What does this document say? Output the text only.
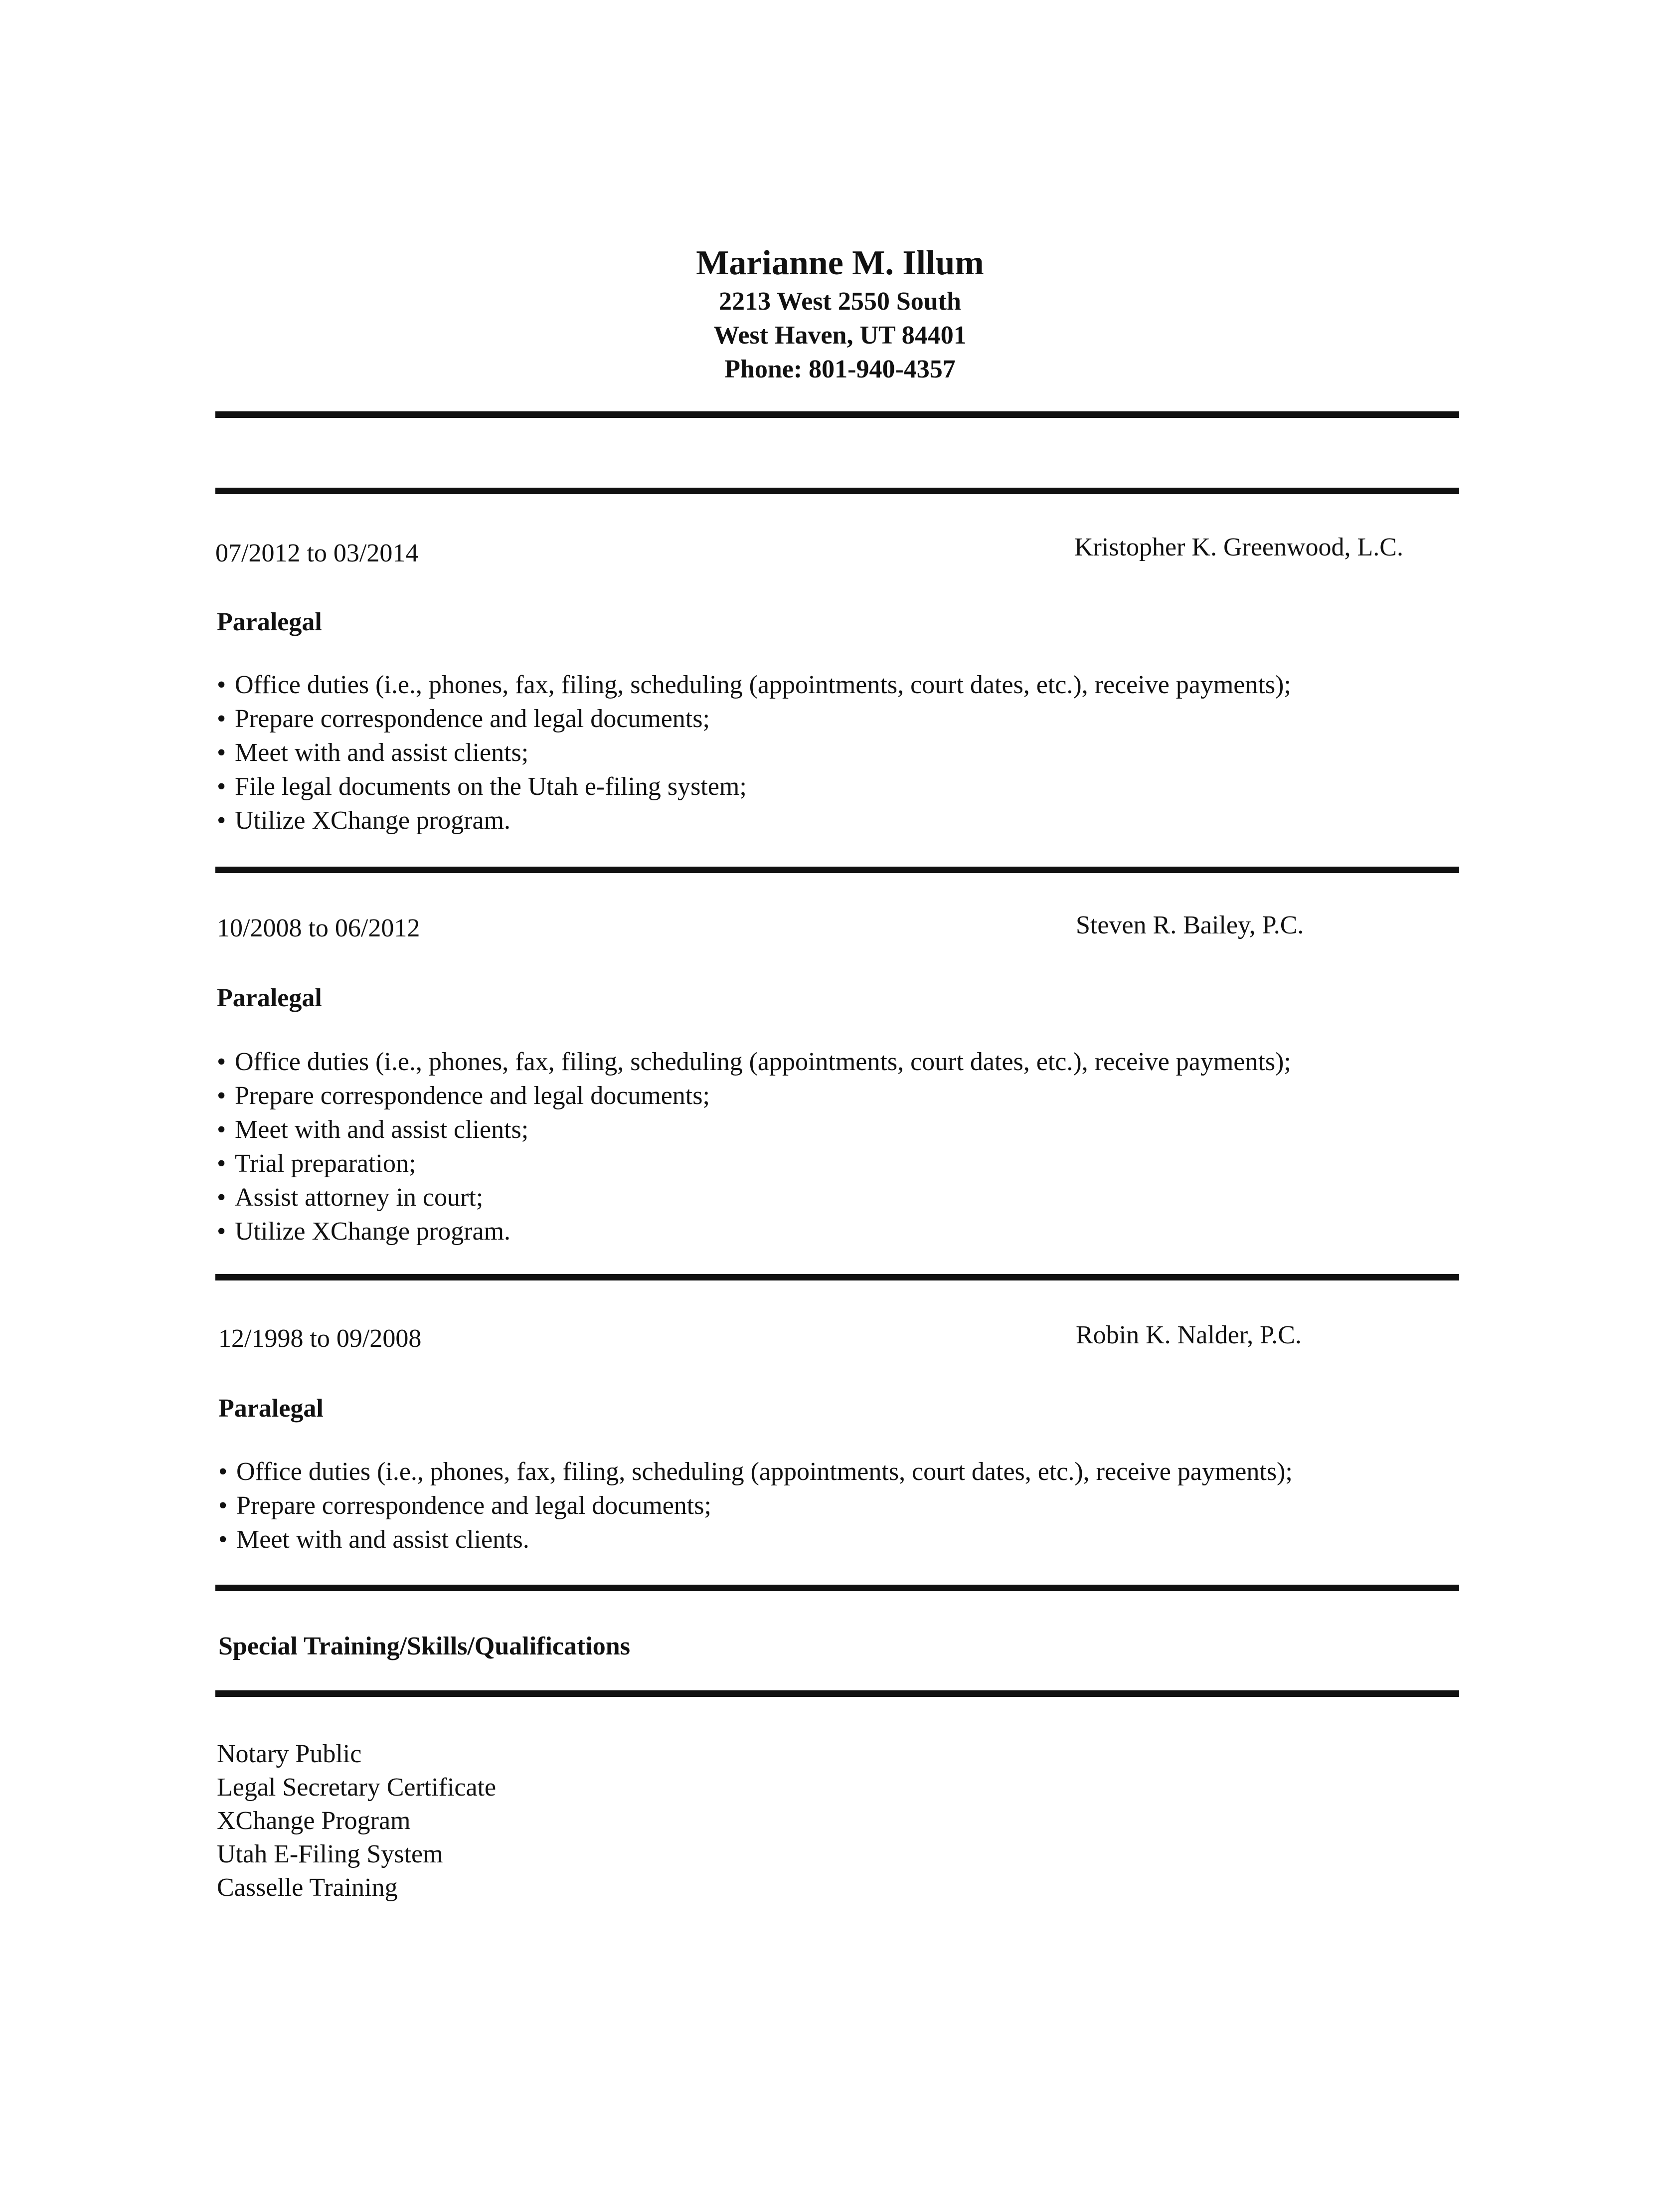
Marianne M. Illum
2213 West 2550 South
West Haven, UT 84401
Phone: 801-940-4357
07/2012 to 03/2014	Kristopher K. Greenwood, L.C.
Paralegal
• Office duties (i.e., phones, fax, filing, scheduling (appointments, court dates, etc.), receive payments);
• Prepare correspondence and legal documents;
• Meet with and assist clients;
• File legal documents on the Utah e-filing system;
• Utilize XChange program.
10/2008 to 06/2012	Steven R. Bailey, P.C.
Paralegal
• Office duties (i.e., phones, fax, filing, scheduling (appointments, court dates, etc.), receive payments);
• Prepare correspondence and legal documents;
• Meet with and assist clients;
• Trial preparation;
• Assist attorney in court;
• Utilize XChange program.
12/1998 to 09/2008	Robin K. Nalder, P.C.
Paralegal
• Office duties (i.e., phones, fax, filing, scheduling (appointments, court dates, etc.), receive payments);
• Prepare correspondence and legal documents;
• Meet with and assist clients.
Special Training/Skills/Qualifications
Notary Public
Legal Secretary Certificate
XChange Program
Utah E-Filing System
Casselle Training
